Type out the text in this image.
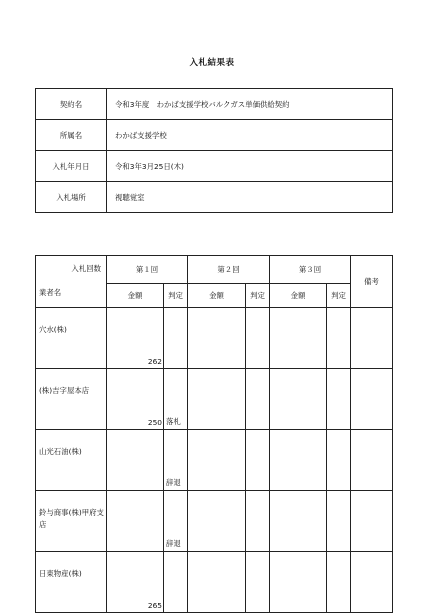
入札結果表
契約名	令和3年度　わかば支援学校バルクガス単価供給契約
所属名	わかば支援学校
入札年月日	令和3年3月25日(木)
入札場所	視聴覚室
入札回数
業者名	第１回		第２回		第３回		備考
	金額	判定	金額	判定	金額	判定	
穴水(株)	262						
(株)吉字屋本店	250	落札					
山光石油(株)		辞退					
鈴与商事(株)甲府支店		辞退					
日東物産(株)	265						
